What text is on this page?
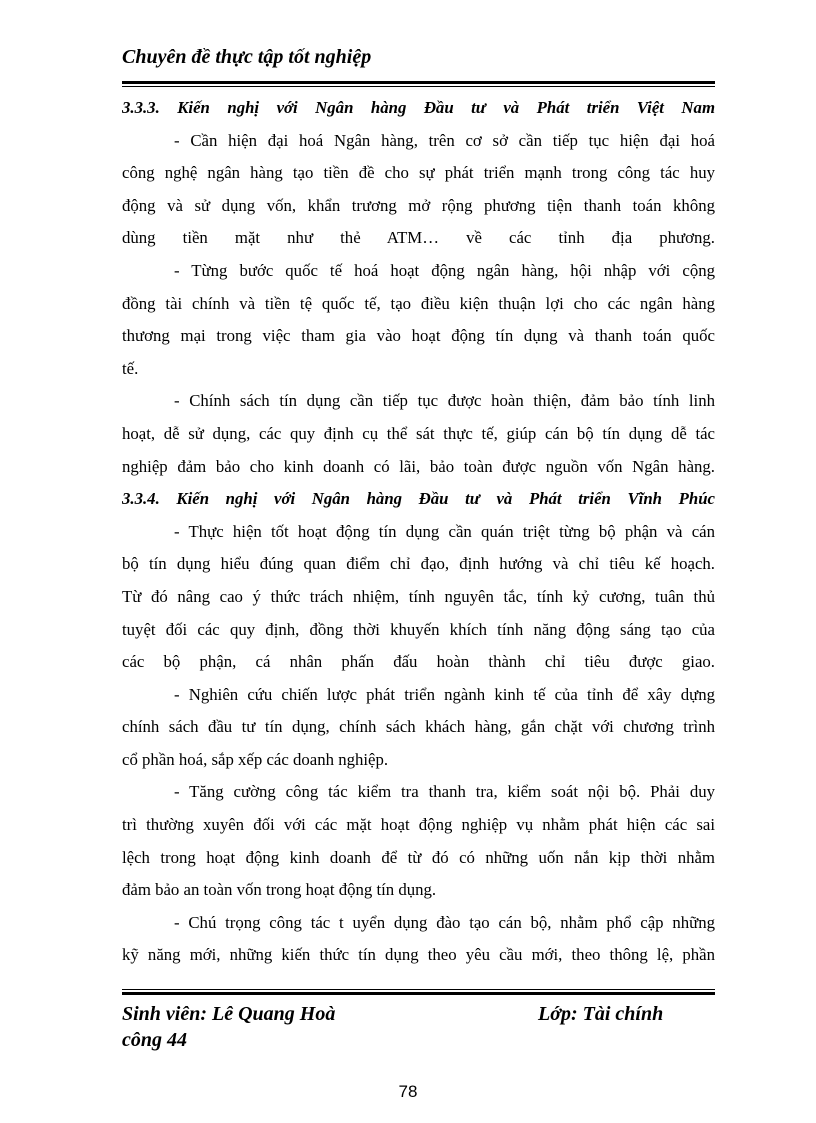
Chuyên đề thực tập tốt nghiệp
3.3.3. Kiến nghị với Ngân hàng Đầu tư và Phát triển Việt Nam
- Cần hiện đại hoá Ngân hàng, trên cơ sở cần tiếp tục hiện đại hoá
công nghệ ngân hàng tạo tiền đề cho sự phát triển mạnh trong công tác huy
động và sử dụng vốn, khẩn trương mở rộng phương tiện thanh toán không
dùng tiền mặt như thẻ ATM… về các tỉnh địa phương.
- Từng bước quốc tế hoá hoạt động ngân hàng, hội nhập với cộng
đồng tài chính và tiền tệ quốc tế, tạo điều kiện thuận lợi cho các ngân hàng
thương mại trong việc tham gia vào hoạt động tín dụng và thanh toán quốc
tế.
- Chính sách tín dụng cần tiếp tục được hoàn thiện, đảm bảo tính linh
hoạt, dễ sử dụng, các quy định cụ thể sát thực tế, giúp cán bộ tín dụng dễ tác
nghiệp đảm bảo cho kinh doanh có lãi, bảo toàn được nguồn vốn Ngân hàng.
3.3.4. Kiến nghị với Ngân hàng Đầu tư và Phát triển Vĩnh Phúc
- Thực hiện tốt hoạt động tín dụng cần quán triệt từng bộ phận và cán
bộ tín dụng hiểu đúng quan điểm chỉ đạo, định hướng và chỉ tiêu kế hoạch.
Từ đó nâng cao ý thức trách nhiệm, tính nguyên tắc, tính kỷ cương, tuân thủ
tuyệt đối các quy định, đồng thời khuyến khích tính năng động sáng tạo của
các bộ phận, cá nhân phấn đấu hoàn thành chỉ tiêu được giao.
- Nghiên cứu chiến lược phát triển ngành kinh tế của tỉnh để xây dựng
chính sách đầu tư tín dụng, chính sách khách hàng, gắn chặt với chương trình
cổ phần hoá, sắp xếp các doanh nghiệp.
- Tăng cường công tác kiểm tra thanh tra, kiểm soát nội bộ. Phải duy
trì thường xuyên đối với các mặt hoạt động nghiệp vụ nhằm phát hiện các sai
lệch trong hoạt động kinh doanh để từ đó có những uốn nắn kịp thời nhằm
đảm bảo an toàn vốn trong hoạt động tín dụng.
- Chú trọng công tác t uyển dụng đào tạo cán bộ, nhằm phổ cập những
kỹ năng mới, những kiến thức tín dụng theo yêu cầu mới, theo thông lệ, phần
Sinh viên: Lê Quang Hoà	Lớp: Tài chính
công 44
78
